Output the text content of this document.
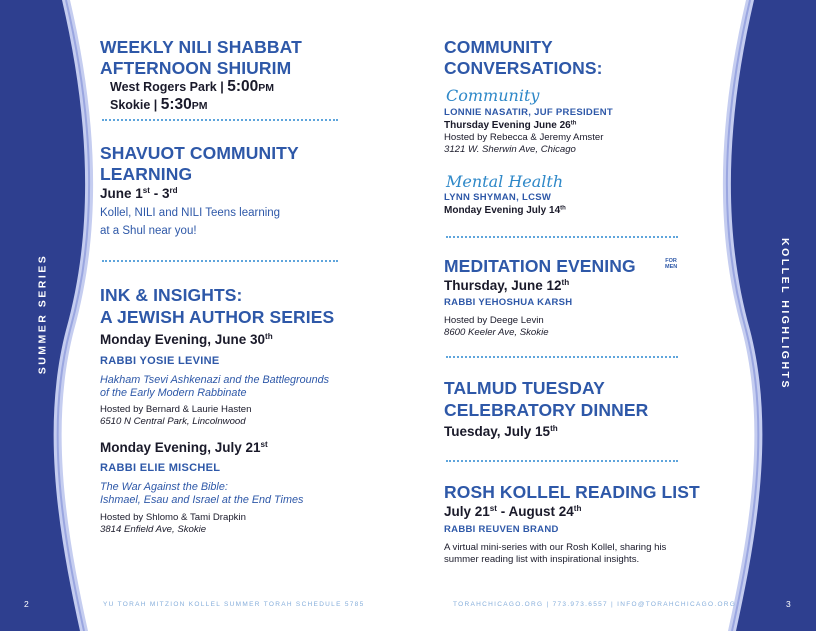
SUMMER SERIES
WEEKLY NILI SHABBAT
AFTERNOON SHIURIM
West Rogers Park | 5:00PM
Skokie | 5:30PM
SHAVUOT COMMUNITY
LEARNING
June 1st - 3rd
Kollel, NILI and NILI Teens learning
at a Shul near you!
INK & INSIGHTS:
A JEWISH AUTHOR SERIES
Monday Evening, June 30th
RABBI YOSIE LEVINE
Hakham Tsevi Ashkenazi and the Battlegrounds
of the Early Modern Rabbinate
Hosted by Bernard & Laurie Hasten
6510 N Central Park, Lincolnwood
Monday Evening, July 21st
RABBI ELIE MISCHEL
The War Against the Bible:
Ishmael, Esau and Israel at the End Times
Hosted by Shlomo & Tami Drapkin
3814 Enfield Ave, Skokie
2	YU TORAH MITZION KOLLEL SUMMER TORAH SCHEDULE 5785
COMMUNITY
CONVERSATIONS:
Community
LONNIE NASATIR, JUF PRESIDENT
Thursday Evening June 26th
Hosted by Rebecca & Jeremy Amster
3121 W. Sherwin Ave, Chicago
Mental Health
LYNN SHYMAN, LCSW
Monday Evening July 14th
MEDITATION EVENING	FOR
MEN
Thursday, June 12th
RABBI YEHOSHUA KARSH
Hosted by Deege Levin
8600 Keeler Ave, Skokie
TALMUD TUESDAY
CELEBRATORY DINNER
Tuesday, July 15th
ROSH KOLLEL READING LIST
July 21st - August 24th
RABBI REUVEN BRAND
A virtual mini-series with our Rosh Kollel, sharing his
summer reading list with inspirational insights.
KOLLEL HIGHLIGHTS
TORAHCHICAGO.ORG | 773.973.6557 | INFO@TORAHCHICAGO.ORG	3
